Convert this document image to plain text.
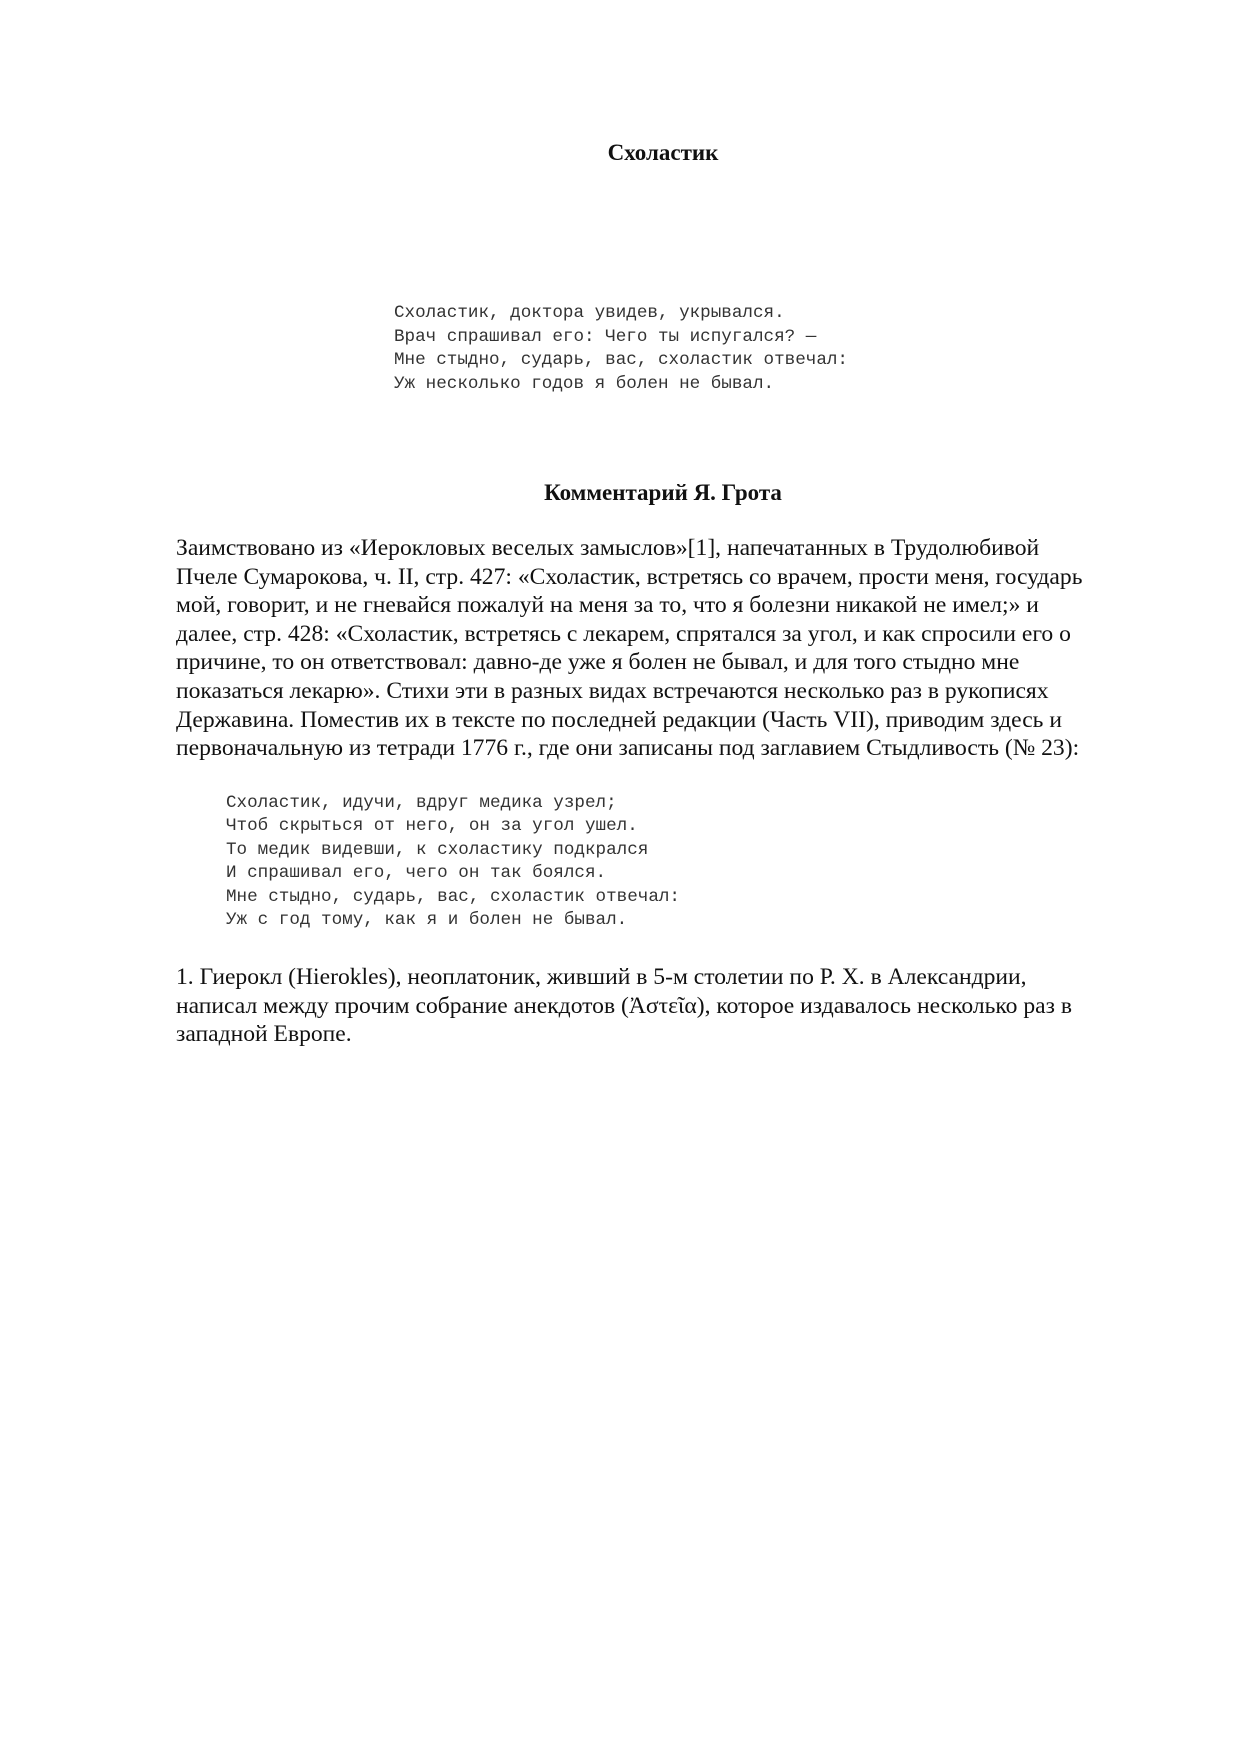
Схоластик
Схоластик, доктора увидев, укрывался.
Врач спрашивал его: Чего ты испугался? —
Мне стыдно, сударь, вас, схоластик отвечал:
Уж несколько годов я болен не бывал.
Комментарий Я. Грота

Заимствовано из «Иерокловых веселых замыслов»[1], напечатанных в Трудолюбивой
Пчеле Сумарокова, ч. II, стр. 427: «Схоластик, встретясь со врачем, прости меня, государь
мой, говорит, и не гневайся пожалуй на меня за то, что я болезни никакой не имел;» и
далее, стр. 428: «Схоластик, встретясь с лекарем, спрятался за угол, и как спросили его о
причине, то он ответствовал: давно-де уже я болен не бывал, и для того стыдно мне
показаться лекарю». Стихи эти в разных видах встречаются несколько раз в рукописях
Державина. Поместив их в тексте по последней редакции (Часть VII), приводим здесь и
первоначальную из тетради 1776 г., где они записаны под заглавием Стыдливость (№ 23):

Схоластик, идучи, вдруг медика узрел;
Чтоб скрыться от него, он за угол ушел.
То медик видевши, к схоластику подкрался
И спрашивал его, чего он так боялся.
Мне стыдно, сударь, вас, схоластик отвечал:
Уж с год тому, как я и болен не бывал.

1. Гиерокл (Hierokles), неоплатоник, живший в 5-м столетии по Р. Х. в Александрии,
написал между прочим собрание анекдотов (Ἀστεῖα), которое издавалось несколько раз в
западной Европе.
